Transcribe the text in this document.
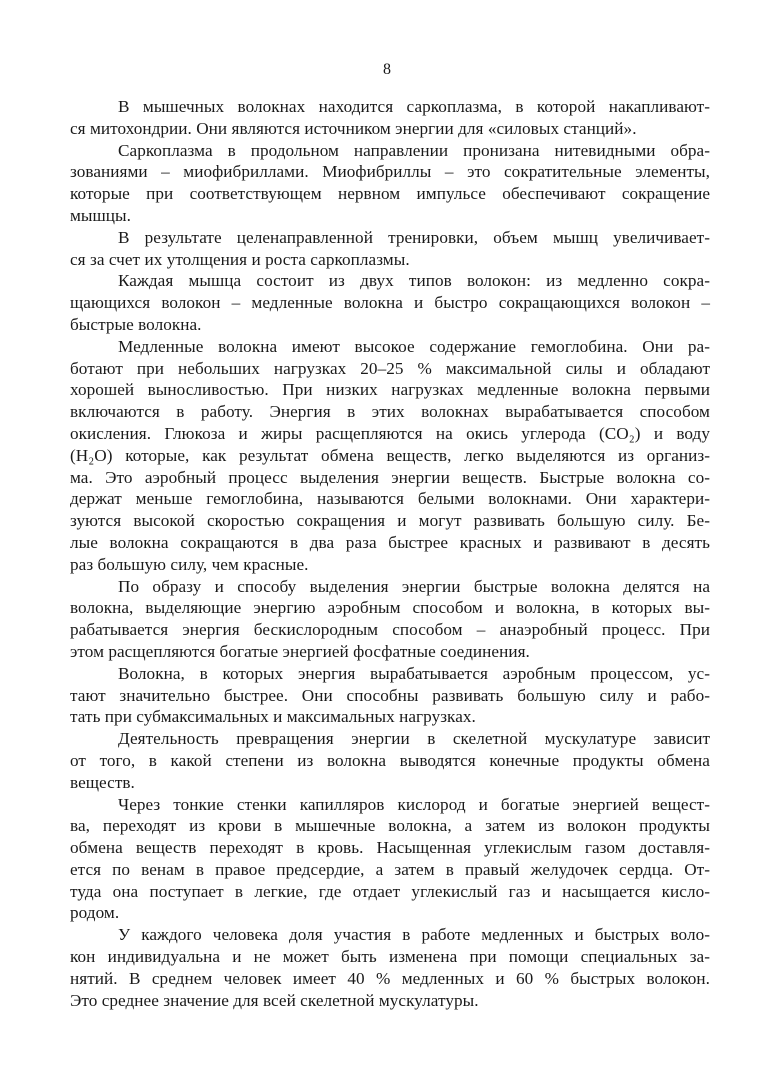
8
В мышечных волокнах находится саркоплазма, в которой накапливают-
ся митохондрии. Они являются источником энергии для «силовых станций».
Саркоплазма в продольном направлении пронизана нитевидными обра-
зованиями – миофибриллами. Миофибриллы – это сократительные элементы,
которые при соответствующем нервном импульсе обеспечивают сокращение
мышцы.
В результате целенаправленной тренировки, объем мышц увеличивает-
ся за счет их утолщения и роста саркоплазмы.
Каждая мышца состоит из двух типов волокон: из медленно сокра-
щающихся волокон – медленные волокна и быстро сокращающихся волокон –
быстрые волокна.
Медленные волокна имеют высокое содержание гемоглобина. Они ра-
ботают при небольших нагрузках 20–25 % максимальной силы и обладают
хорошей выносливостью. При низких нагрузках медленные волокна первыми
включаются в работу. Энергия в этих волокнах вырабатывается способом
окисления. Глюкоза и жиры расщепляются на окись углерода (CO₂) и воду
(H₂O) которые, как результат обмена веществ, легко выделяются из организ-
ма. Это аэробный процесс выделения энергии веществ. Быстрые волокна со-
держат меньше гемоглобина, называются белыми волокнами. Они характери-
зуются высокой скоростью сокращения и могут развивать большую силу. Бе-
лые волокна сокращаются в два раза быстрее красных и развивают в десять
раз большую силу, чем красные.
По образу и способу выделения энергии быстрые волокна делятся на
волокна, выделяющие энергию аэробным способом и волокна, в которых вы-
рабатывается энергия бескислородным способом – анаэробный процесс. При
этом расщепляются богатые энергией фосфатные соединения.
Волокна, в которых энергия вырабатывается аэробным процессом, ус-
тают значительно быстрее. Они способны развивать большую силу и рабо-
тать при субмаксимальных и максимальных нагрузках.
Деятельность превращения энергии в скелетной мускулатуре зависит
от того, в какой степени из волокна выводятся конечные продукты обмена
веществ.
Через тонкие стенки капилляров кислород и богатые энергией вещест-
ва, переходят из крови в мышечные волокна, а затем из волокон продукты
обмена веществ переходят в кровь. Насыщенная углекислым газом доставля-
ется по венам в правое предсердие, а затем в правый желудочек сердца. От-
туда она поступает в легкие, где отдает углекислый газ и насыщается кисло-
родом.
У каждого человека доля участия в работе медленных и быстрых воло-
кон индивидуальна и не может быть изменена при помощи специальных за-
нятий. В среднем человек имеет 40 % медленных и 60 % быстрых волокон.
Это среднее значение для всей скелетной мускулатуры.
